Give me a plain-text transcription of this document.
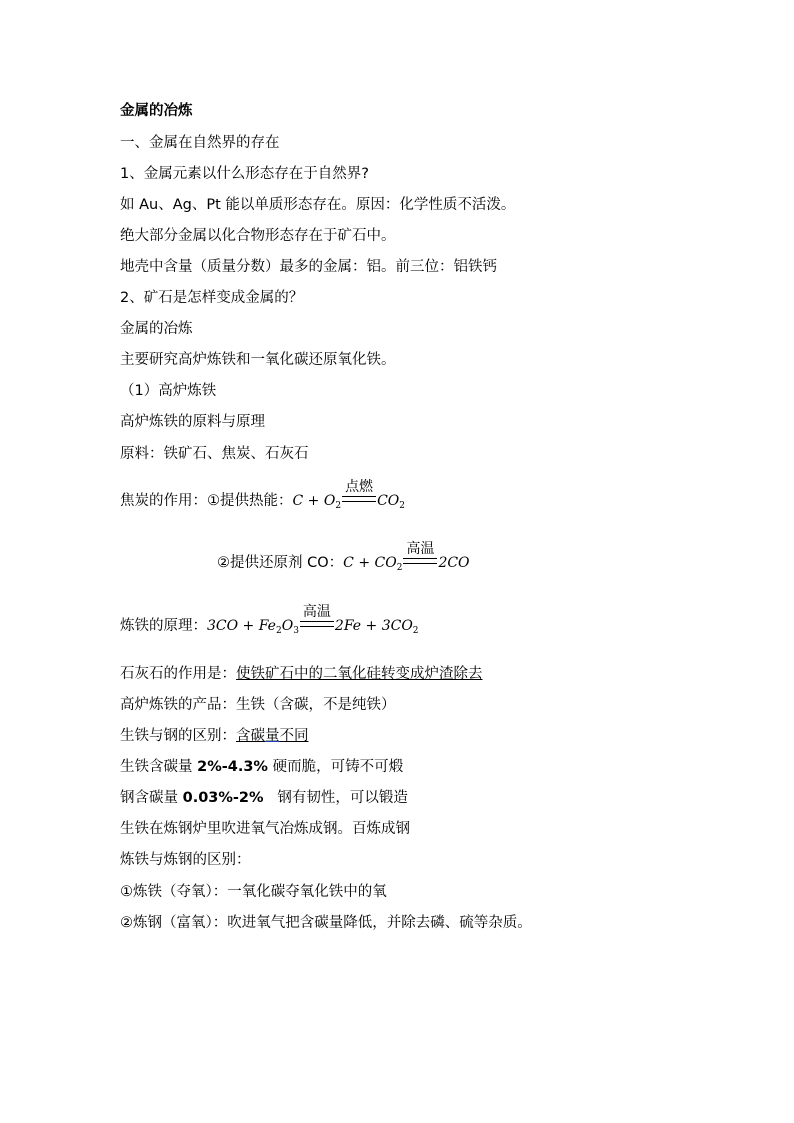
金属的冶炼
一、金属在自然界的存在
1、金属元素以什么形态存在于自然界?
如 Au、Ag、Pt 能以单质形态存在。原因：化学性质不活泼。
绝大部分金属以化合物形态存在于矿石中。
地壳中含量（质量分数）最多的金属：铝。前三位：铝铁钙
2、矿石是怎样变成金属的？
金属的冶炼
主要研究高炉炼铁和一氧化碳还原氧化铁。
（1）高炉炼铁
高炉炼铁的原料与原理
原料：铁矿石、焦炭、石灰石
焦炭的作用：①提供热能：$C + O_2$
点燃
$CO_2$
②提供还原剂 CO：$C + CO_2$
高温
2CO
炼铁的原理：$3CO + Fe_2O_3$
高温
$2Fe + 3CO_2$
石灰石的作用是：使铁矿石中的二氧化硅转变成炉渣除去
高炉炼铁的产品：生铁（含碳，不是纯铁）
生铁与钢的区别：含碳量不同
生铁含碳量 2%-4.3% 硬而脆，可铸不可煅
钢含碳量 0.03%-2%   钢有韧性，可以锻造
生铁在炼钢炉里吹进氧气冶炼成钢。百炼成钢
炼铁与炼钢的区别：
①炼铁（夺氧）：一氧化碳夺氧化铁中的氧
②炼钢（富氧）：吹进氧气把含碳量降低，并除去磷、硫等杂质。
